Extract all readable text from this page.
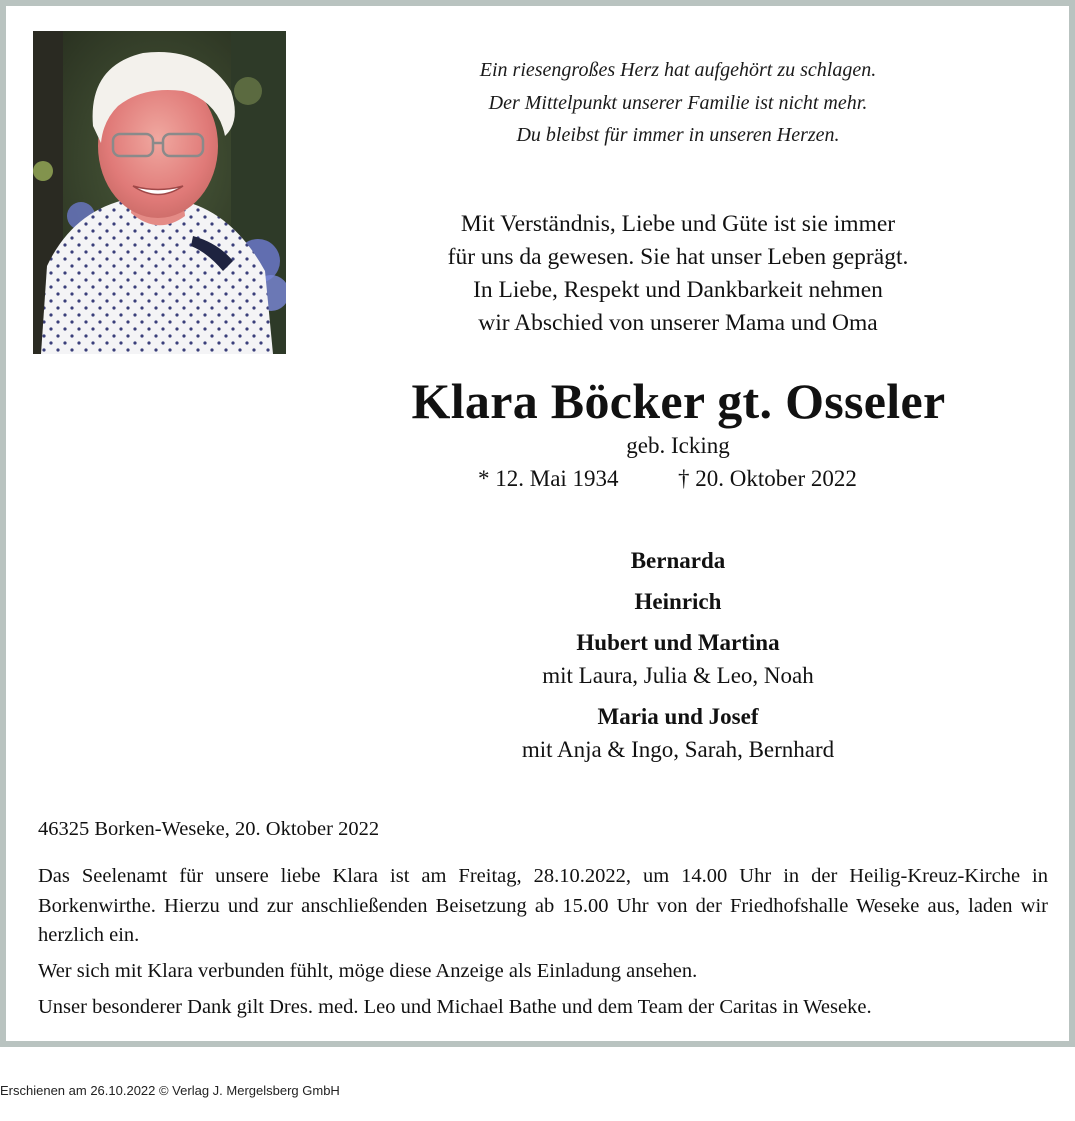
Ein riesengroßes Herz hat aufgehört zu schlagen.
Der Mittelpunkt unserer Familie ist nicht mehr.
Du bleibst für immer in unseren Herzen.
Mit Verständnis, Liebe und Güte ist sie immer
für uns da gewesen. Sie hat unser Leben geprägt.
In Liebe, Respekt und Dankbarkeit nehmen
wir Abschied von unserer Mama und Oma
Klara Böcker gt. Osseler
geb. Icking
* 12. Mai 1934	† 20. Oktober 2022
Bernarda
Heinrich
Hubert und Martina
mit Laura, Julia & Leo, Noah
Maria und Josef
mit Anja & Ingo, Sarah, Bernhard
46325 Borken-Weseke, 20. Oktober 2022
Das Seelenamt für unsere liebe Klara ist am Freitag, 28.10.2022, um 14.00 Uhr in der Heilig-Kreuz-Kirche in Borkenwirthe. Hierzu und zur anschließenden Beisetzung ab 15.00 Uhr von der Friedhofshalle Weseke aus, laden wir herzlich ein.
Wer sich mit Klara verbunden fühlt, möge diese Anzeige als Einladung ansehen.
Unser besonderer Dank gilt Dres. med. Leo und Michael Bathe und dem Team der Caritas in Weseke.
Erschienen am 26.10.2022 © Verlag J. Mergelsberg GmbH
